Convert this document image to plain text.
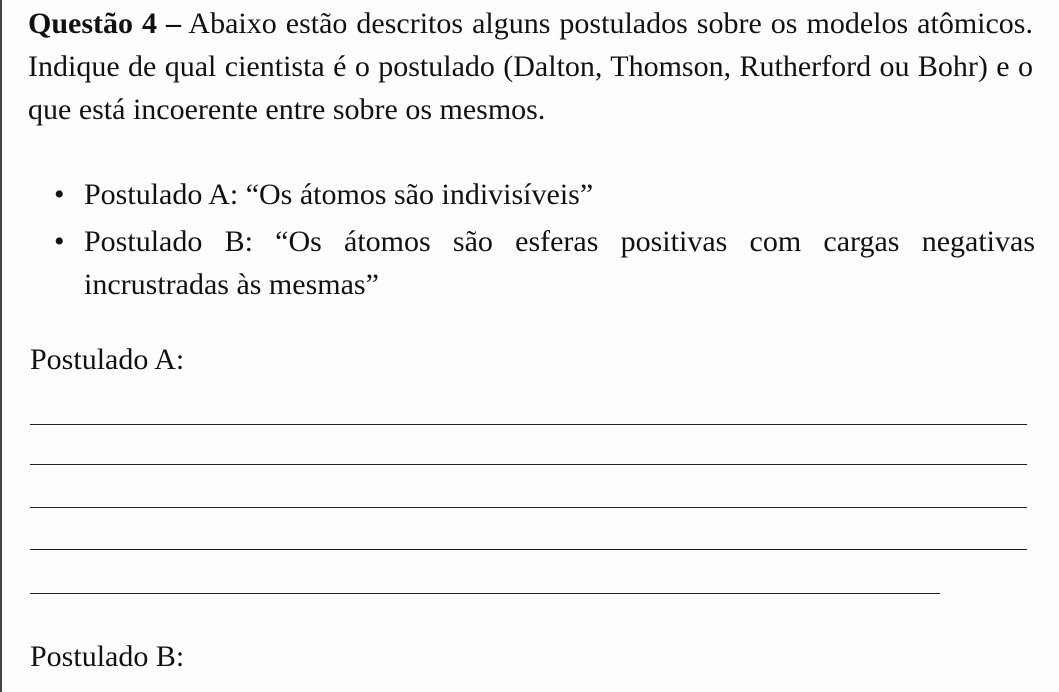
Questão 4 – Abaixo estão descritos alguns postulados sobre os modelos atômicos. Indique de qual cientista é o postulado (Dalton, Thomson, Rutherford ou Bohr) e o que está incoerente entre sobre os mesmos.
• Postulado A: “Os átomos são indivisíveis”
• Postulado B: “Os átomos são esferas positivas com cargas negativas incrustradas às mesmas”
Postulado A:
Postulado B:
